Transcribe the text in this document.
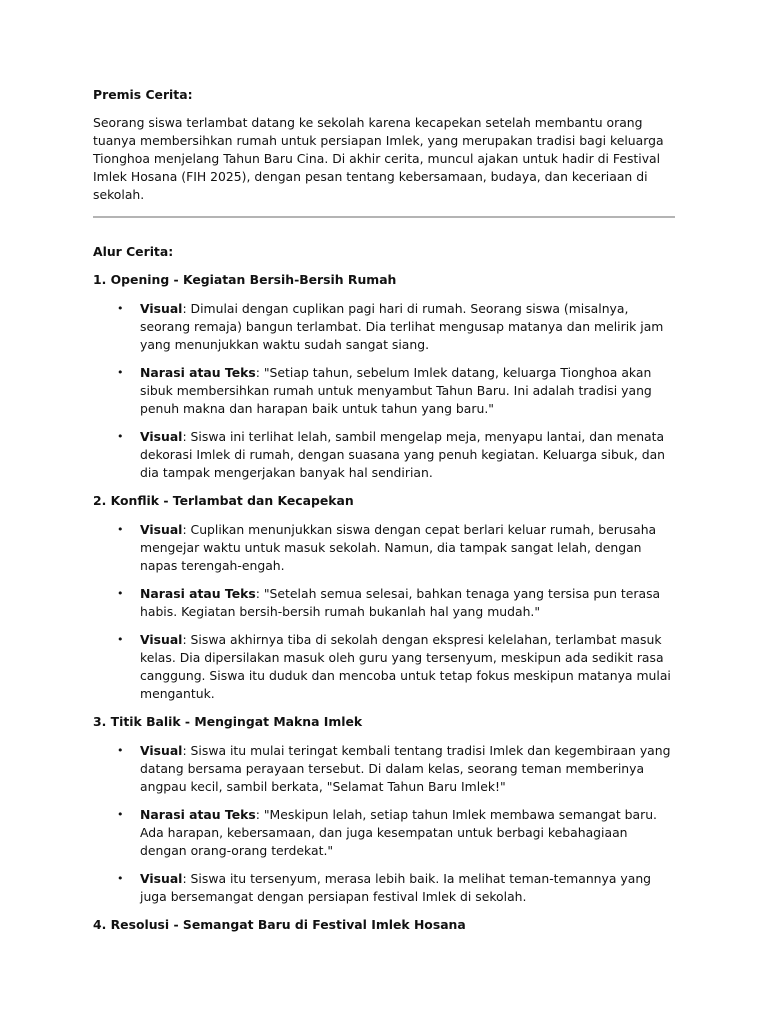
Premis Cerita:
Seorang siswa terlambat datang ke sekolah karena kecapekan setelah membantu orang tuanya membersihkan rumah untuk persiapan Imlek, yang merupakan tradisi bagi keluarga Tionghoa menjelang Tahun Baru Cina. Di akhir cerita, muncul ajakan untuk hadir di Festival Imlek Hosana (FIH 2025), dengan pesan tentang kebersamaan, budaya, dan keceriaan di sekolah.
Alur Cerita:
1. Opening - Kegiatan Bersih-Bersih Rumah
• Visual: Dimulai dengan cuplikan pagi hari di rumah. Seorang siswa (misalnya, seorang remaja) bangun terlambat. Dia terlihat mengusap matanya dan melirik jam yang menunjukkan waktu sudah sangat siang.
• Narasi atau Teks: "Setiap tahun, sebelum Imlek datang, keluarga Tionghoa akan sibuk membersihkan rumah untuk menyambut Tahun Baru. Ini adalah tradisi yang penuh makna dan harapan baik untuk tahun yang baru."
• Visual: Siswa ini terlihat lelah, sambil mengelap meja, menyapu lantai, dan menata dekorasi Imlek di rumah, dengan suasana yang penuh kegiatan. Keluarga sibuk, dan dia tampak mengerjakan banyak hal sendirian.
2. Konflik - Terlambat dan Kecapekan
• Visual: Cuplikan menunjukkan siswa dengan cepat berlari keluar rumah, berusaha mengejar waktu untuk masuk sekolah. Namun, dia tampak sangat lelah, dengan napas terengah-engah.
• Narasi atau Teks: "Setelah semua selesai, bahkan tenaga yang tersisa pun terasa habis. Kegiatan bersih-bersih rumah bukanlah hal yang mudah."
• Visual: Siswa akhirnya tiba di sekolah dengan ekspresi kelelahan, terlambat masuk kelas. Dia dipersilakan masuk oleh guru yang tersenyum, meskipun ada sedikit rasa canggung. Siswa itu duduk dan mencoba untuk tetap fokus meskipun matanya mulai mengantuk.
3. Titik Balik - Mengingat Makna Imlek
• Visual: Siswa itu mulai teringat kembali tentang tradisi Imlek dan kegembiraan yang datang bersama perayaan tersebut. Di dalam kelas, seorang teman memberinya angpau kecil, sambil berkata, "Selamat Tahun Baru Imlek!"
• Narasi atau Teks: "Meskipun lelah, setiap tahun Imlek membawa semangat baru. Ada harapan, kebersamaan, dan juga kesempatan untuk berbagi kebahagiaan dengan orang-orang terdekat."
• Visual: Siswa itu tersenyum, merasa lebih baik. Ia melihat teman-temannya yang juga bersemangat dengan persiapan festival Imlek di sekolah.
4. Resolusi - Semangat Baru di Festival Imlek Hosana
